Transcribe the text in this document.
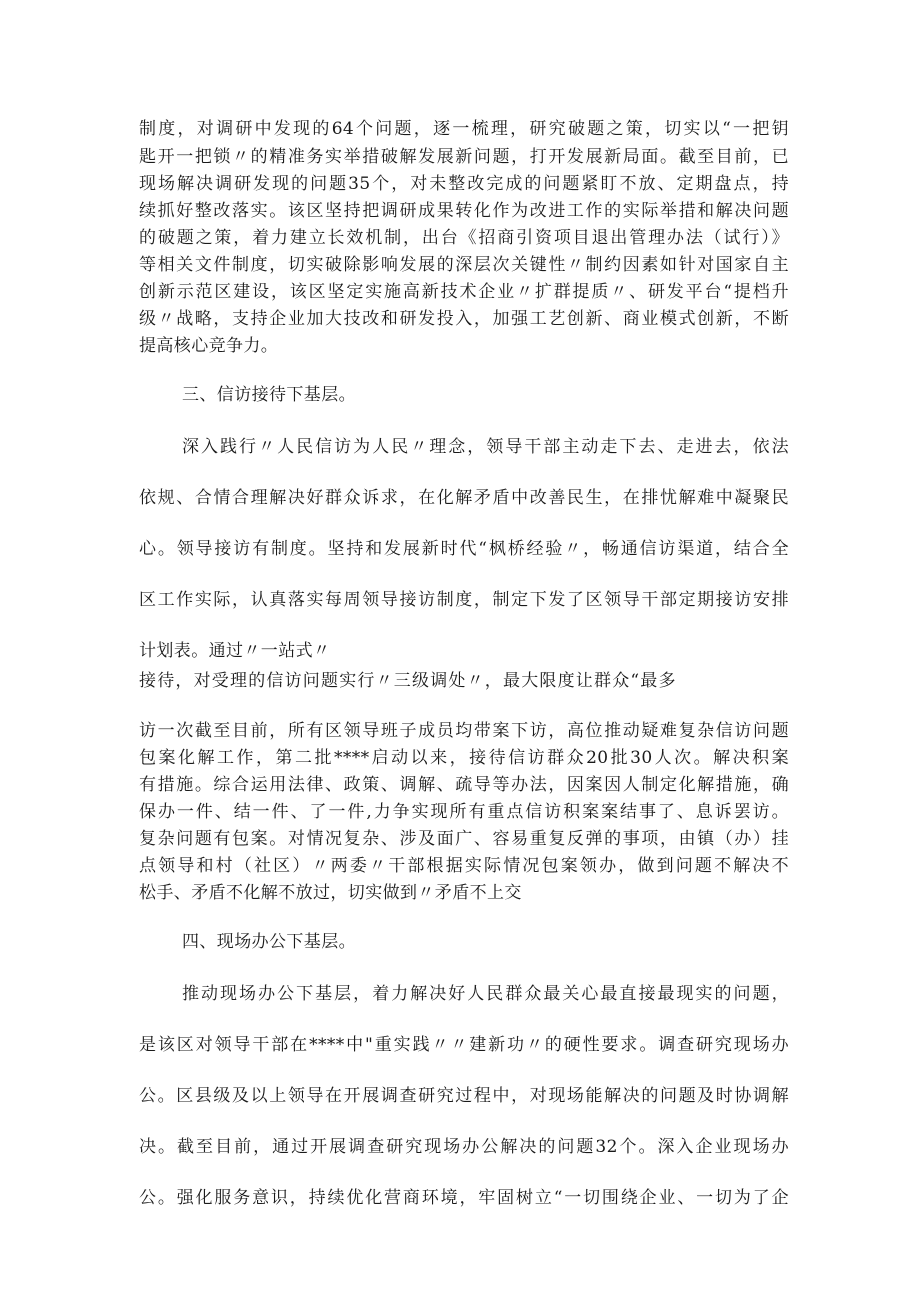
制度，对调研中发现的64个问题，逐一梳理，研究破题之策，切实以“一把钥
匙开一把锁〃的精准务实举措破解发展新问题，打开发展新局面。截至目前，已
现场解决调研发现的问题35个，对未整改完成的问题紧盯不放、定期盘点，持
续抓好整改落实。该区坚持把调研成果转化作为改进工作的实际举措和解决问题
的破题之策，着力建立长效机制，出台《招商引资项目退出管理办法（试行）》
等相关文件制度，切实破除影响发展的深层次关键性〃制约因素如针对国家自主
创新示范区建设，该区坚定实施高新技术企业〃扩群提质〃、研发平台“提档升
级〃战略，支持企业加大技改和研发投入，加强工艺创新、商业模式创新，不断
提高核心竞争力。
三、信访接待下基层。
深入践行〃人民信访为人民〃理念，领导干部主动走下去、走进去，依法
依规、合情合理解决好群众诉求，在化解矛盾中改善民生，在排忧解难中凝聚民
心。领导接访有制度。坚持和发展新时代“枫桥经验〃，畅通信访渠道，结合全
区工作实际，认真落实每周领导接访制度，制定下发了区领导干部定期接访安排
计划表。通过〃一站式〃
接待，对受理的信访问题实行〃三级调处〃，最大限度让群众“最多
访一次截至目前，所有区领导班子成员均带案下访，高位推动疑难复杂信访问题
包案化解工作，第二批****启动以来，接待信访群众20批30人次。解决积案
有措施。综合运用法律、政策、调解、疏导等办法，因案因人制定化解措施，确
保办一件、结一件、了一件,力争实现所有重点信访积案案结事了、息诉罢访。
复杂问题有包案。对情况复杂、涉及面广、容易重复反弹的事项，由镇（办）挂
点领导和村（社区）〃两委〃干部根据实际情况包案领办，做到问题不解决不
松手、矛盾不化解不放过，切实做到〃矛盾不上交
四、现场办公下基层。
推动现场办公下基层，着力解决好人民群众最关心最直接最现实的问题，
是该区对领导干部在****中"重实践〃〃建新功〃的硬性要求。调查研究现场办
公。区县级及以上领导在开展调查研究过程中，对现场能解决的问题及时协调解
决。截至目前，通过开展调查研究现场办公解决的问题32个。深入企业现场办
公。强化服务意识，持续优化营商环境，牢固树立“一切围绕企业、一切为了企
